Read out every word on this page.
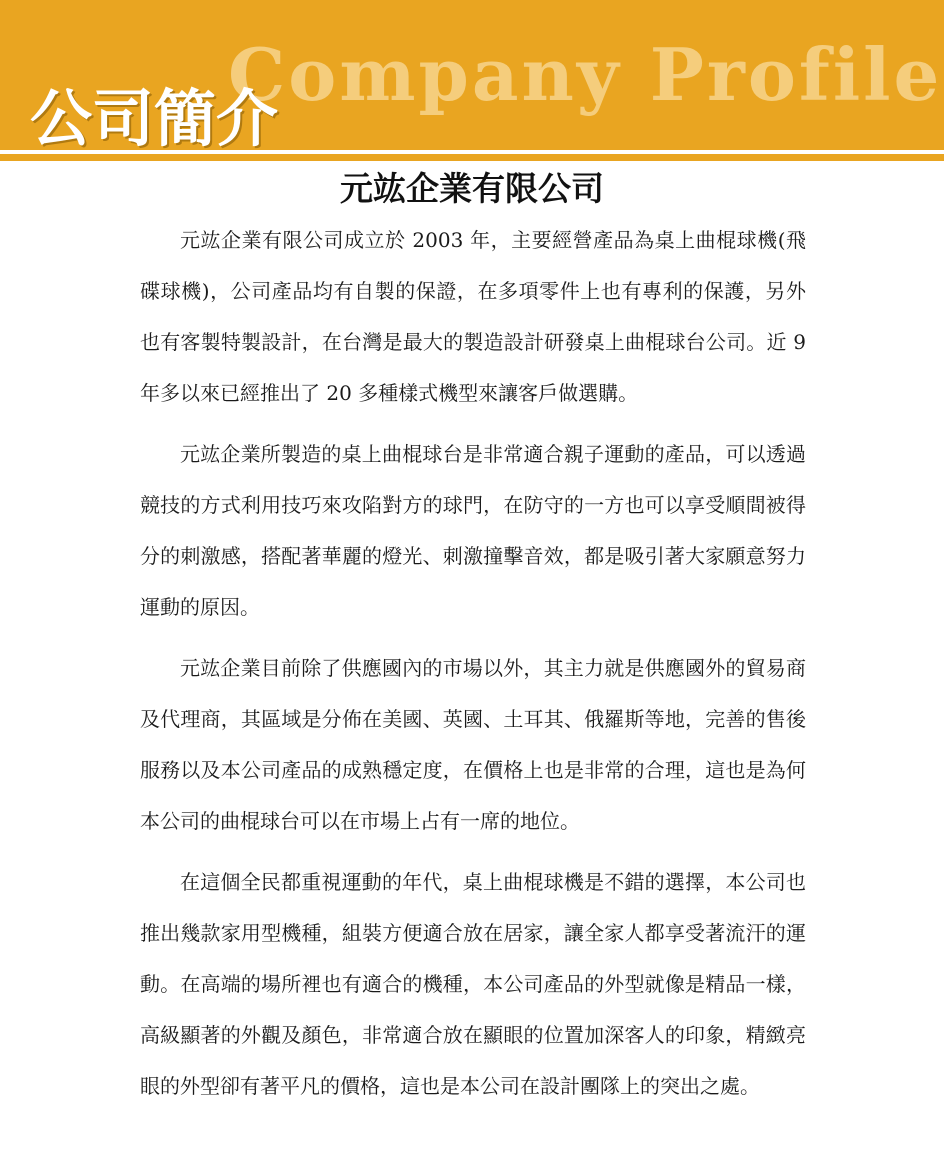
Company Profile
公司簡介
元竑企業有限公司

元竑企業有限公司成立於 2003 年，主要經營產品為桌上曲棍球機(飛碟球機)，公司產品均有自製的保證，在多項零件上也有專利的保護，另外也有客製特製設計，在台灣是最大的製造設計研發桌上曲棍球台公司。近 9 年多以來已經推出了 20 多種樣式機型來讓客戶做選購。

元竑企業所製造的桌上曲棍球台是非常適合親子運動的產品，可以透過競技的方式利用技巧來攻陷對方的球門，在防守的一方也可以享受順間被得分的刺激感，搭配著華麗的燈光、刺激撞擊音效，都是吸引著大家願意努力運動的原因。

元竑企業目前除了供應國內的市場以外，其主力就是供應國外的貿易商及代理商，其區域是分佈在美國、英國、土耳其、俄羅斯等地，完善的售後服務以及本公司產品的成熟穩定度，在價格上也是非常的合理，這也是為何本公司的曲棍球台可以在市場上占有一席的地位。

在這個全民都重視運動的年代，桌上曲棍球機是不錯的選擇，本公司也推出幾款家用型機種，組裝方便適合放在居家，讓全家人都享受著流汗的運動。在高端的場所裡也有適合的機種，本公司產品的外型就像是精品一樣，高級顯著的外觀及顏色，非常適合放在顯眼的位置加深客人的印象，精緻亮眼的外型卻有著平凡的價格，這也是本公司在設計團隊上的突出之處。
